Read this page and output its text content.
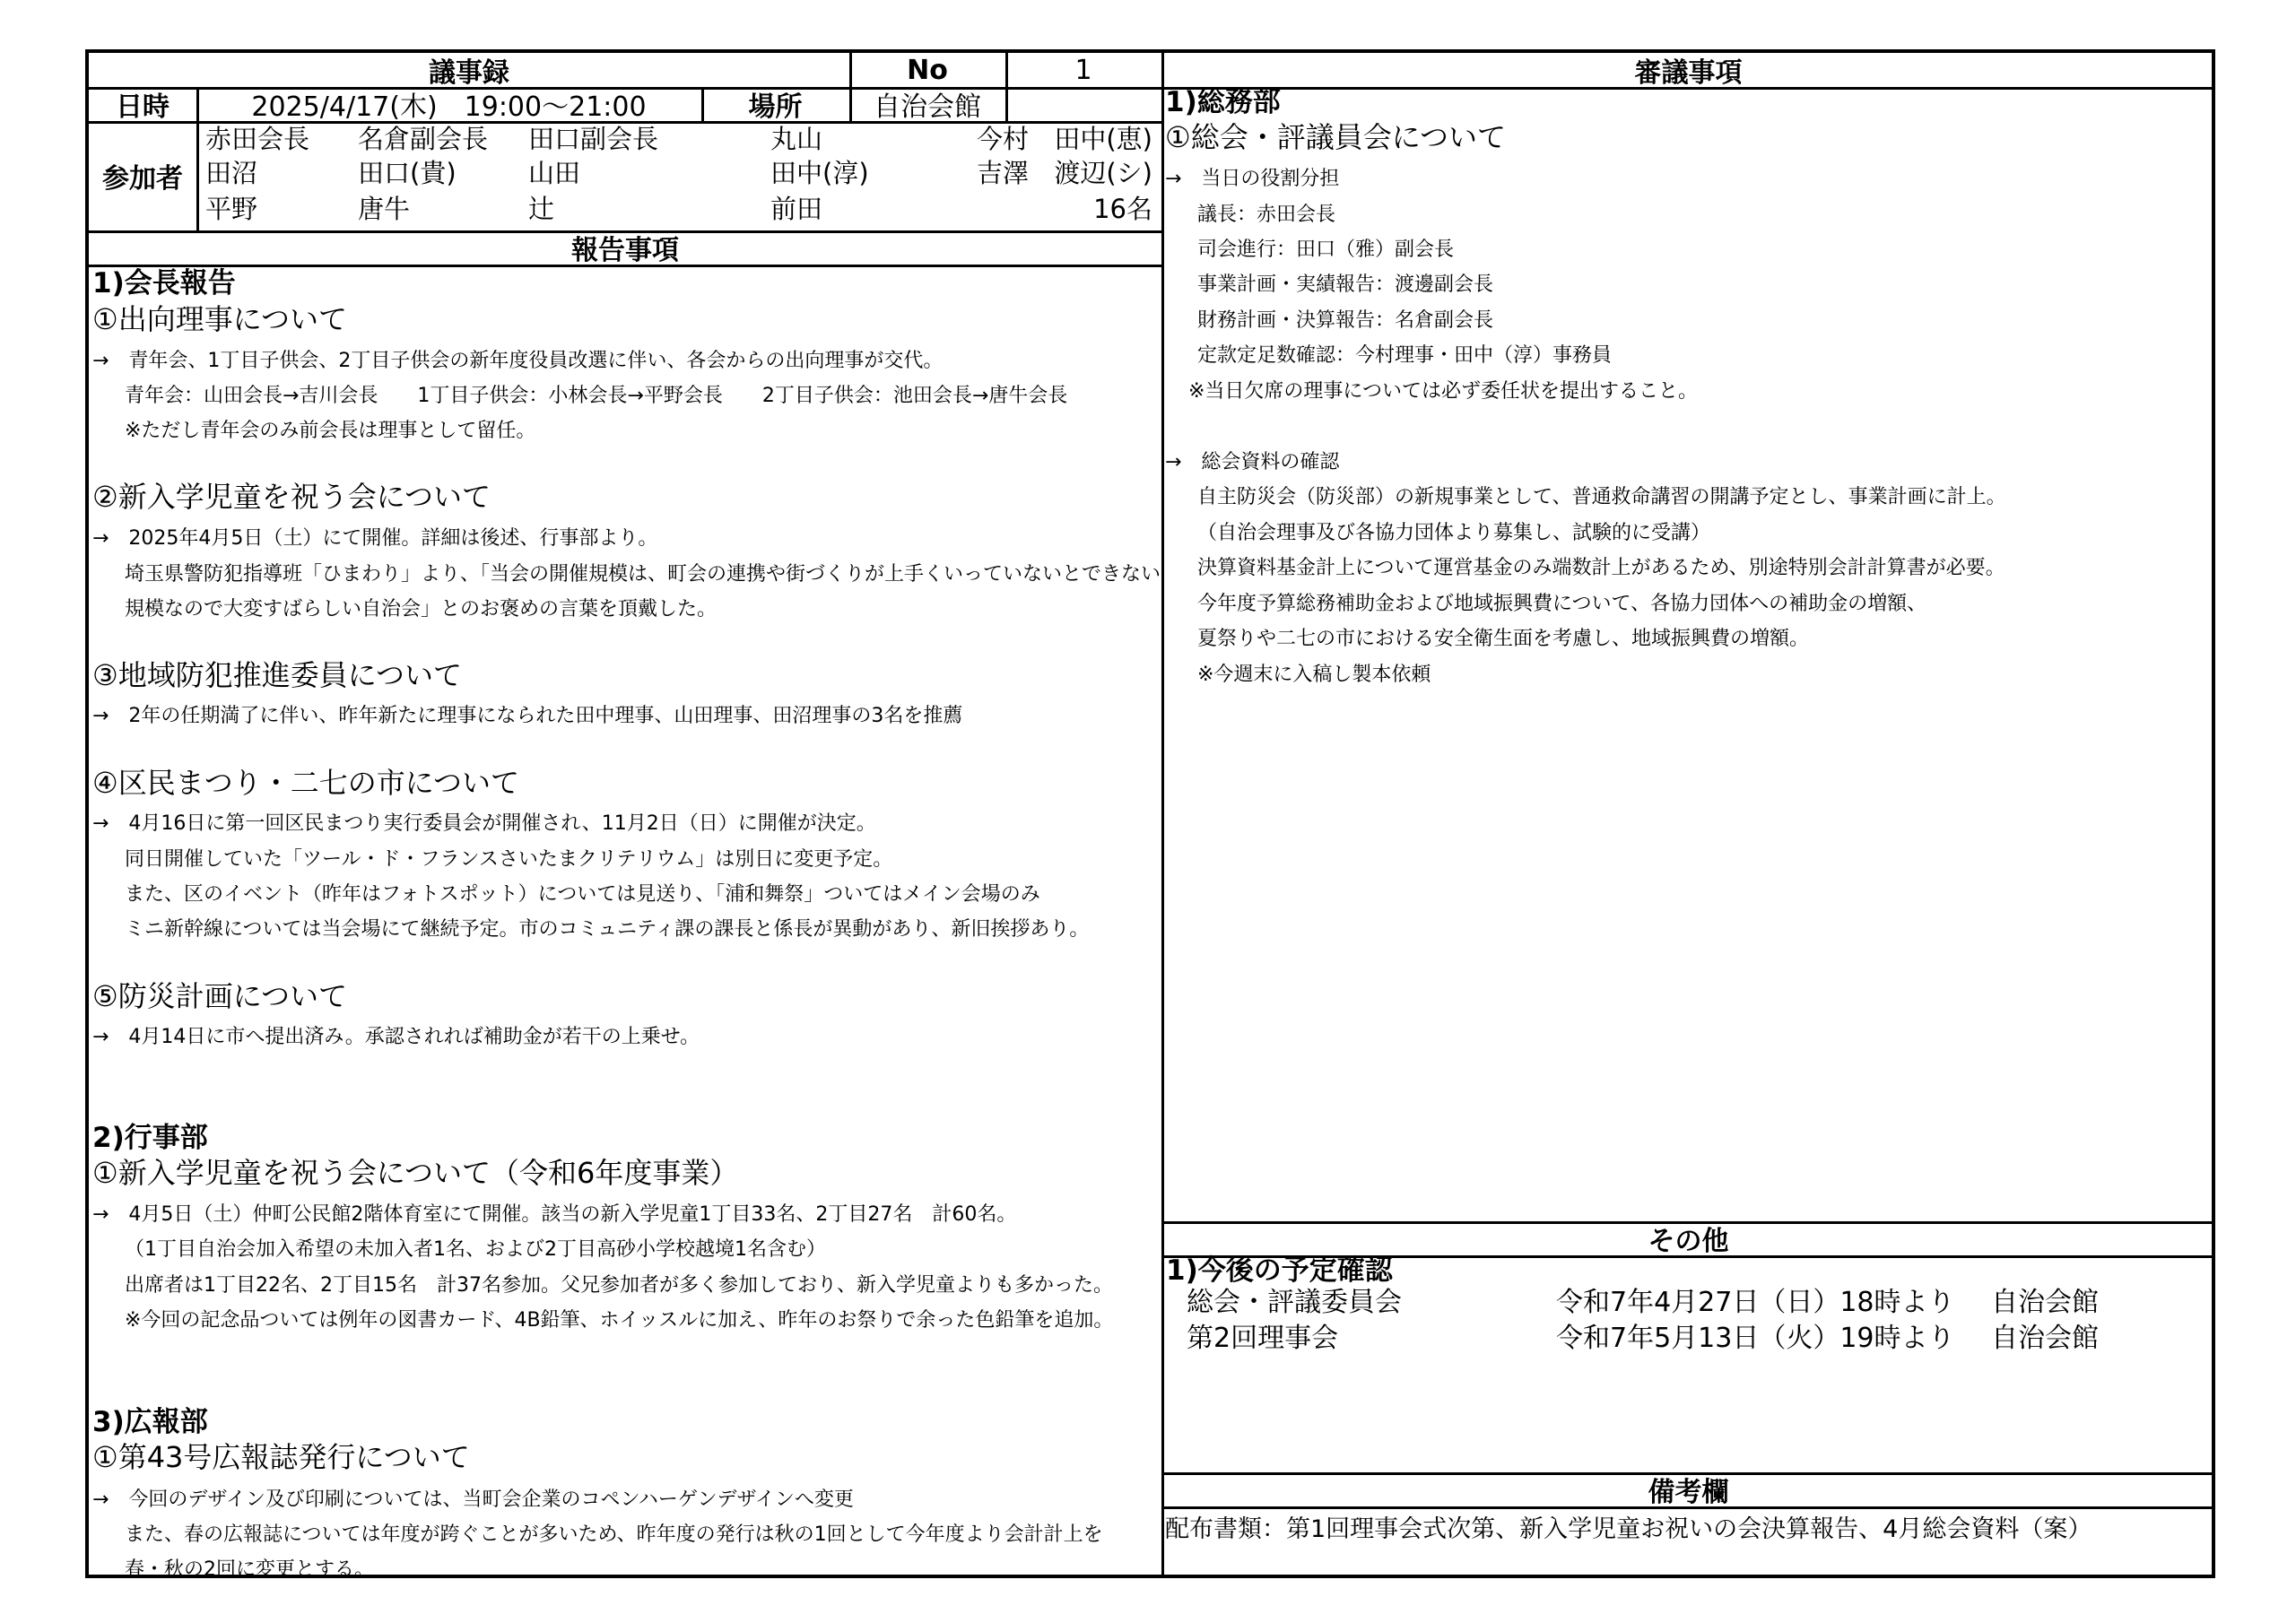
議事録	No	1
日時	2025/4/17(木)　19:00～21:00	場所	自治会館
参加者
赤田会長 名倉副会長 田口副会長	丸山	今村 田中(恵)
田沼	田口(貴)	山田	田中(淳)	吉澤 渡辺(シ)
平野	唐牛	辻	前田	16名
報告事項
1)会長報告
①出向理事について
→　青年会、1丁目子供会、2丁目子供会の新年度役員改選に伴い、各会からの出向理事が交代。
青年会：山田会長→吉川会長　　1丁目子供会：小林会長→平野会長　　2丁目子供会：池田会長→唐牛会長
※ただし青年会のみ前会長は理事として留任。
②新入学児童を祝う会について
→　2025年4月5日（土）にて開催。詳細は後述、行事部より。
埼玉県警防犯指導班「ひまわり」より、「当会の開催規模は、町会の連携や街づくりが上手くいっていないとできない
規模なので大変すばらしい自治会」とのお褒めの言葉を頂戴した。
③地域防犯推進委員について
→　2年の任期満了に伴い、昨年新たに理事になられた田中理事、山田理事、田沼理事の3名を推薦
④区民まつり・二七の市について
→　4月16日に第一回区民まつり実行委員会が開催され、11月2日（日）に開催が決定。
同日開催していた「ツール・ド・フランスさいたまクリテリウム」は別日に変更予定。
また、区のイベント（昨年はフォトスポット）については見送り、「浦和舞祭」ついてはメイン会場のみ
ミニ新幹線については当会場にて継続予定。市のコミュニティ課の課長と係長が異動があり、新旧挨拶あり。
⑤防災計画について
→　4月14日に市へ提出済み。承認されれば補助金が若干の上乗せ。
2)行事部
①新入学児童を祝う会について（令和6年度事業）
→　4月5日（土）仲町公民館2階体育室にて開催。該当の新入学児童1丁目33名、2丁目27名　計60名。
（1丁目自治会加入希望の未加入者1名、および2丁目高砂小学校越境1名含む）
出席者は1丁目22名、2丁目15名　計37名参加。父兄参加者が多く参加しており、新入学児童よりも多かった。
※今回の記念品ついては例年の図書カード、4B鉛筆、ホイッスルに加え、昨年のお祭りで余った色鉛筆を追加。
3)広報部
①第43号広報誌発行について
→　今回のデザイン及び印刷については、当町会企業のコペンハーゲンデザインへ変更
また、春の広報誌については年度が跨ぐことが多いため、昨年度の発行は秋の1回として今年度より会計計上を
春・秋の2回に変更とする。
審議事項
1)総務部
①総会・評議員会について
→　当日の役割分担
議長：赤田会長
司会進行：田口（雅）副会長
事業計画・実績報告：渡邊副会長
財務計画・決算報告：名倉副会長
定款定足数確認：今村理事・田中（淳）事務員
※当日欠席の理事については必ず委任状を提出すること。
→　総会資料の確認
自主防災会（防災部）の新規事業として、普通救命講習の開講予定とし、事業計画に計上。
（自治会理事及び各協力団体より募集し、試験的に受講）
決算資料基金計上について運営基金のみ端数計上があるため、別途特別会計計算書が必要。
今年度予算総務補助金および地域振興費について、各協力団体への補助金の増額、
夏祭りや二七の市における安全衛生面を考慮し、地域振興費の増額。
※今週末に入稿し製本依頼
その他
1)今後の予定確認
総会・評議委員会	令和7年4月27日（日）18時より 自治会館
第2回理事会	令和7年5月13日（火）19時より 自治会館
備考欄
配布書類：第1回理事会式次第、新入学児童お祝いの会決算報告、4月総会資料（案）
